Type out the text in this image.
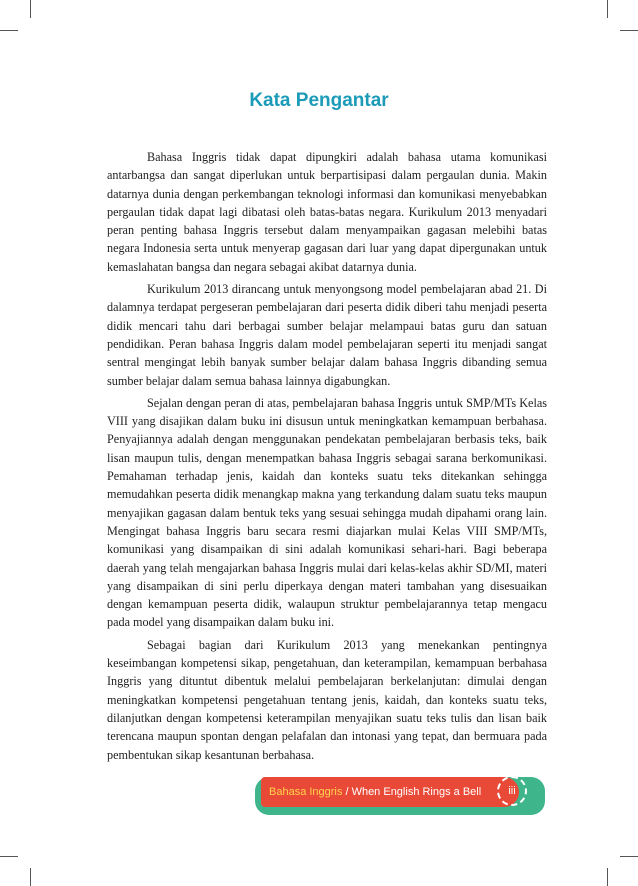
Kata Pengantar

Bahasa Inggris tidak dapat dipungkiri adalah bahasa utama komunikasi antarbangsa dan sangat diperlukan untuk berpartisipasi dalam pergaulan dunia. Makin datarnya dunia dengan perkembangan teknologi informasi dan komunikasi menyebabkan pergaulan tidak dapat lagi dibatasi oleh batas-batas negara. Kurikulum 2013 menyadari peran penting bahasa Inggris tersebut dalam menyampaikan gagasan melebihi batas negara Indonesia serta untuk menyerap gagasan dari luar yang dapat dipergunakan untuk kemaslahatan bangsa dan negara sebagai akibat datarnya dunia.

Kurikulum 2013 dirancang untuk menyongsong model pembelajaran abad 21. Di dalamnya terdapat pergeseran pembelajaran dari peserta didik diberi tahu menjadi peserta didik mencari tahu dari berbagai sumber belajar melampaui batas guru dan satuan pendidikan. Peran bahasa Inggris dalam model pembelajaran seperti itu menjadi sangat sentral mengingat lebih banyak sumber belajar dalam bahasa Inggris dibanding semua sumber belajar dalam semua bahasa lainnya digabungkan.

Sejalan dengan peran di atas, pembelajaran bahasa Inggris untuk SMP/MTs Kelas VIII yang disajikan dalam buku ini disusun untuk meningkatkan kemampuan berbahasa. Penyajiannya adalah dengan menggunakan pendekatan pembelajaran berbasis teks, baik lisan maupun tulis, dengan menempatkan bahasa Inggris sebagai sarana berkomunikasi. Pemahaman terhadap jenis, kaidah dan konteks suatu teks ditekankan sehingga memudahkan peserta didik menangkap makna yang terkandung dalam suatu teks maupun menyajikan gagasan dalam bentuk teks yang sesuai sehingga mudah dipahami orang lain. Mengingat bahasa Inggris baru secara resmi diajarkan mulai Kelas VIII SMP/MTs, komunikasi yang disampaikan di sini adalah komunikasi sehari-hari. Bagi beberapa daerah yang telah mengajarkan bahasa Inggris mulai dari kelas-kelas akhir SD/MI, materi yang disampaikan di sini perlu diperkaya dengan materi tambahan yang disesuaikan dengan kemampuan peserta didik, walaupun struktur pembelajarannya tetap mengacu pada model yang disampaikan dalam buku ini.

Sebagai bagian dari Kurikulum 2013 yang menekankan pentingnya keseimbangan kompetensi sikap, pengetahuan, dan keterampilan, kemampuan berbahasa Inggris yang dituntut dibentuk melalui pembelajaran berkelanjutan: dimulai dengan meningkatkan kompetensi pengetahuan tentang jenis, kaidah, dan konteks suatu teks, dilanjutkan dengan kompetensi keterampilan menyajikan suatu teks tulis dan lisan baik terencana maupun spontan dengan pelafalan dan intonasi yang tepat, dan bermuara pada pembentukan sikap kesantunan berbahasa.

Bahasa Inggris / When English Rings a Bell	iii
